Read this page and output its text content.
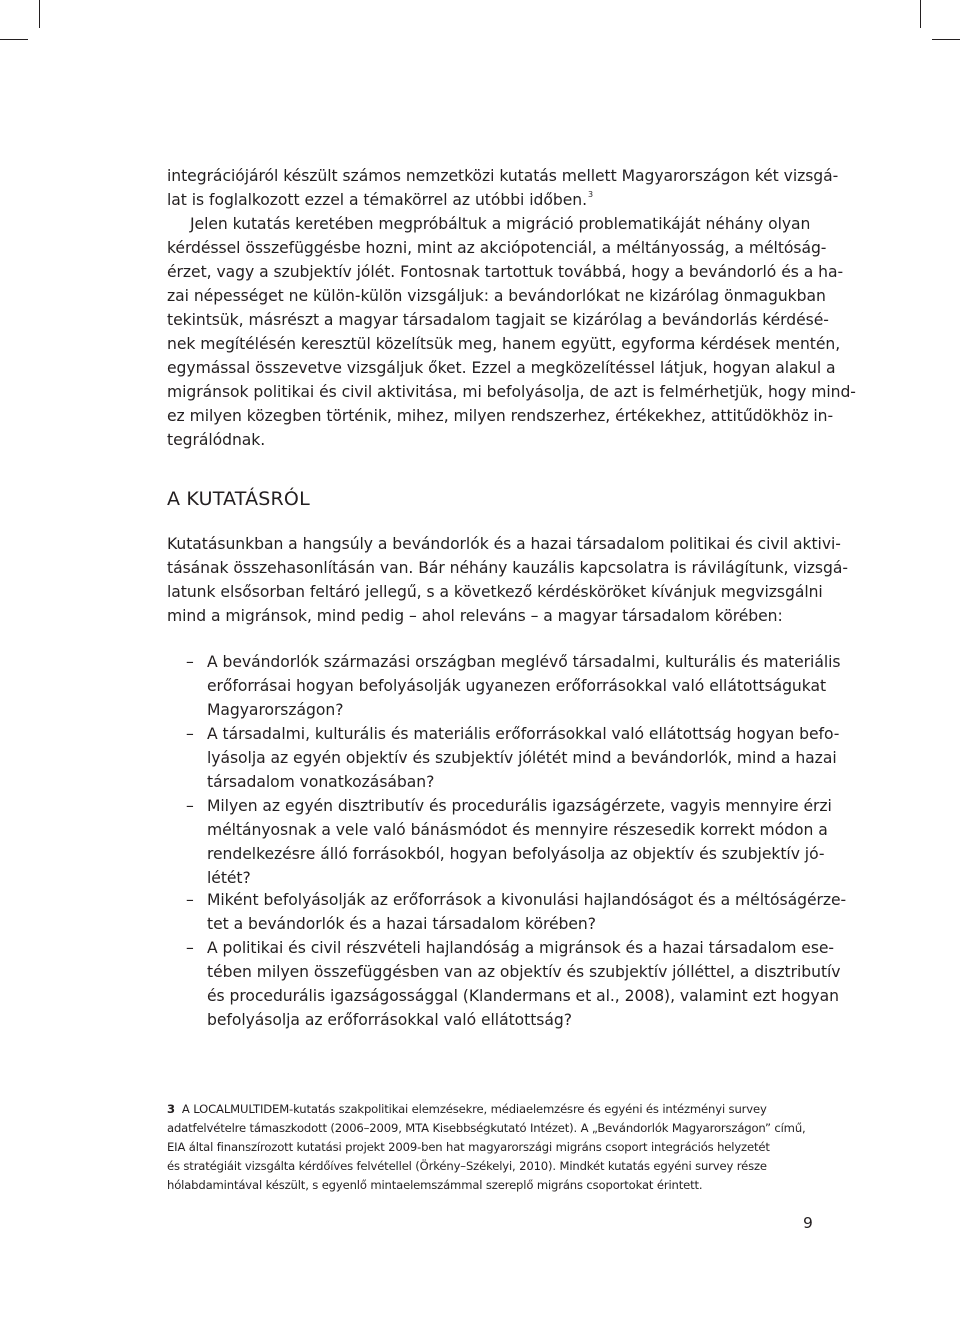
integrációjáról készült számos nemzetközi kutatás mellett Magyarországon két vizsgá-

lat is foglalkozott ezzel a témakörrel az utóbbi időben.$^3$

Jelen kutatás keretében megpróbáltuk a migráció problematikáját néhány olyan

kérdéssel összefüggésbe hozni, mint az akciópotenciál, a méltányosság, a méltóság-

érzet, vagy a szubjektív jólét. Fontosnak tartottuk továbbá, hogy a bevándorló és a ha-

zai népességet ne külön-külön vizsgáljuk: a bevándorlókat ne kizárólag önmagukban

tekintsük, másrészt a magyar társadalom tagjait se kizárólag a bevándorlás kérdésé-

nek megítélésén keresztül közelítsük meg, hanem együtt, egyforma kérdések mentén,

egymással összevetve vizsgáljuk őket. Ezzel a megközelítéssel látjuk, hogyan alakul a

migránsok politikai és civil aktivitása, mi befolyásolja, de azt is felmérhetjük, hogy mind-

ez milyen közegben történik, mihez, milyen rendszerhez, értékekhez, attitűdökhöz in-

tegrálódnak.

A KUTATÁSRÓL

Kutatásunkban a hangsúly a bevándorlók és a hazai társadalom politikai és civil aktivi-

tásának összehasonlításán van. Bár néhány kauzális kapcsolatra is rávilágítunk, vizsgá-

latunk elsősorban feltáró jellegű, s a következő kérdésköröket kívánjuk megvizsgálni

mind a migránsok, mind pedig – ahol releváns – a magyar társadalom körében:

– A bevándorlók származási országban meglévő társadalmi, kulturális és materiális

erőforrásai hogyan befolyásolják ugyanezen erőforrásokkal való ellátottságukat

Magyarországon?

– A társadalmi, kulturális és materiális erőforrásokkal való ellátottság hogyan befo-

lyásolja az egyén objektív és szubjektív jólétét mind a bevándorlók, mind a hazai

társadalom vonatkozásában?

– Milyen az egyén disztributív és procedurális igazságérzete, vagyis mennyire érzi

méltányosnak a vele való bánásmódot és mennyire részesedik korrekt módon a

rendelkezésre álló forrásokból, hogyan befolyásolja az objektív és szubjektív jó-

létét?

– Miként befolyásolják az erőforrások a kivonulási hajlandóságot és a méltóságérze-

tet a bevándorlók és a hazai társadalom körében?

– A politikai és civil részvételi hajlandóság a migránsok és a hazai társadalom ese-

tében milyen összefüggésben van az objektív és szubjektív jólléttel, a disztributív

és procedurális igazságossággal (Klandermans et al., 2008), valamint ezt hogyan

befolyásolja az erőforrásokkal való ellátottság?

3 A LOCALMULTIDEM-kutatás szakpolitikai elemzésekre, médiaelemzésre és egyéni és intézményi survey

adatfelvételre támaszkodott (2006–2009, MTA Kisebbségkutató Intézet). A „Bevándorlók Magyarországon” című,

EIA által finanszírozott kutatási projekt 2009-ben hat magyarországi migráns csoport integrációs helyzetét

és stratégiáit vizsgálta kérdőíves felvétellel (Örkény–Székelyi, 2010). Mindkét kutatás egyéni survey része

hólabdamintával készült, s egyenlő mintaelemszámmal szereplő migráns csoportokat érintett.

9
